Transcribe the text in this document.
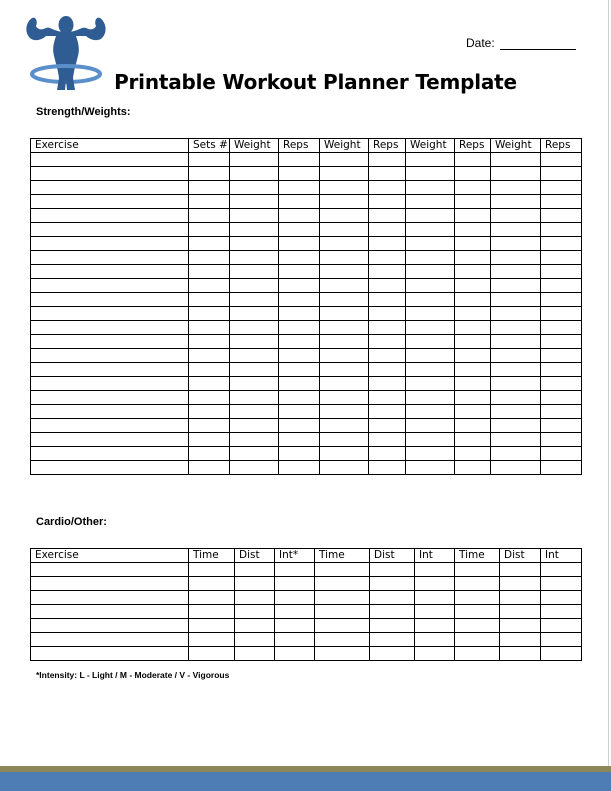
Printable Workout Planner Template
Date:
Strength/Weights:
Exercise	Sets #	Weight	Reps	Weight	Reps	Weight	Reps	Weight	Reps

Cardio/Other:
Exercise	Time	Dist	Int*	Time	Dist	Int	Time	Dist	Int

*Intensity: L - Light / M - Moderate / V - Vigorous
